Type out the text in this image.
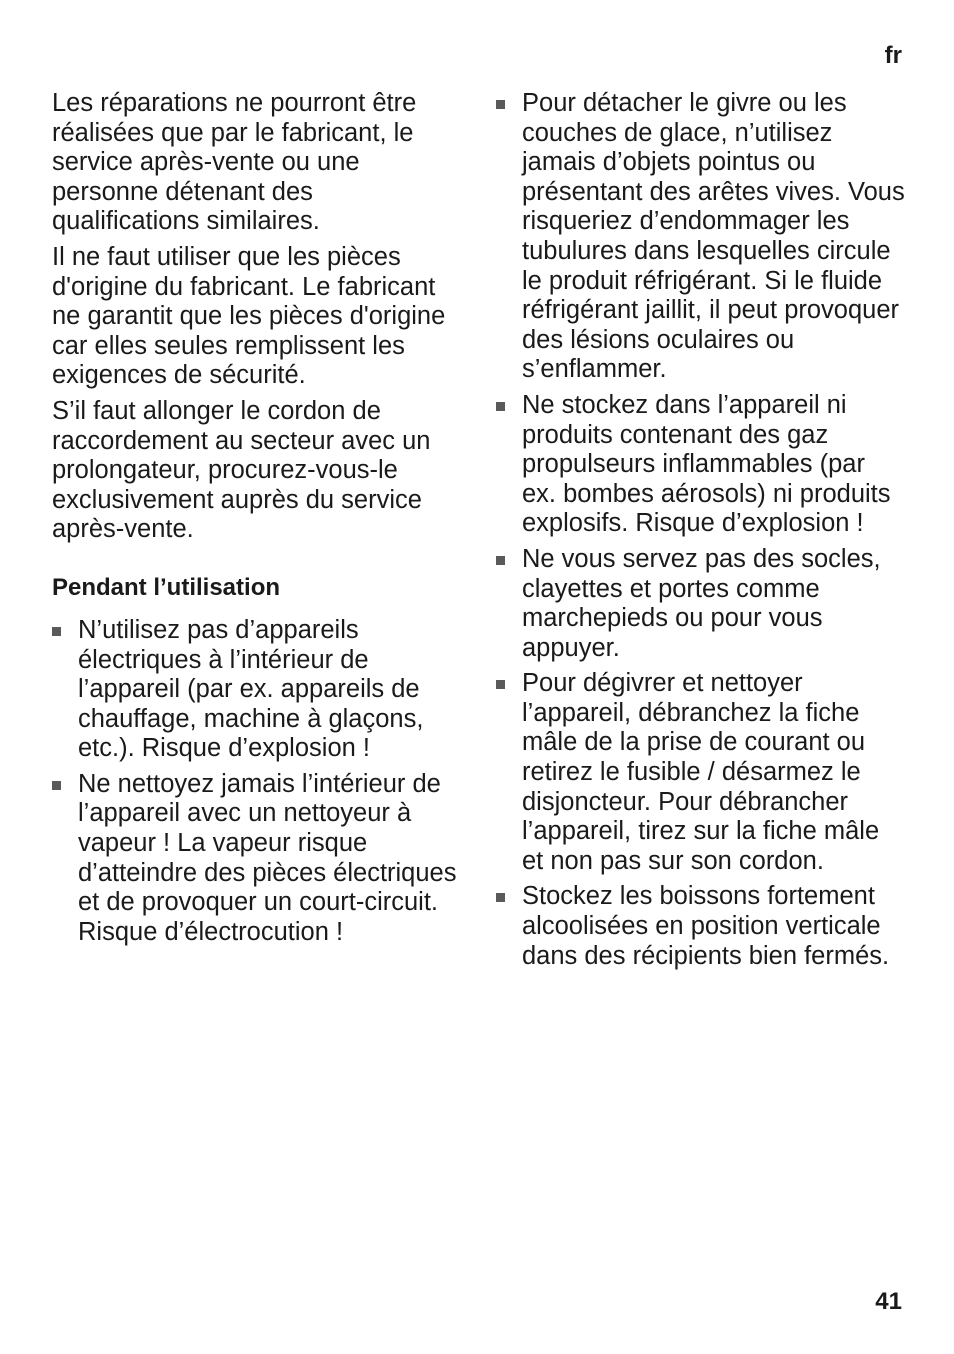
fr

Les réparations ne pourront être réalisées que par le fabricant, le service après-vente ou une personne détenant des qualifications similaires.

Il ne faut utiliser que les pièces d'origine du fabricant. Le fabricant ne garantit que les pièces d'origine car elles seules remplissent les exigences de sécurité.

S’il faut allonger le cordon de raccordement au secteur avec un prolongateur, procurez-vous-le exclusivement auprès du service après-vente.

Pendant l’utilisation
N’utilisez pas d’appareils électriques à l’intérieur de l’appareil (par ex. appareils de chauffage, machine à glaçons, etc.). Risque d’explosion !
Ne nettoyez jamais l’intérieur de l’appareil avec un nettoyeur à vapeur ! La vapeur risque d’atteindre des pièces électriques et de provoquer un court-circuit. Risque d’électrocution !
Pour détacher le givre ou les couches de glace, n’utilisez jamais d’objets pointus ou présentant des arêtes vives. Vous risqueriez d’endommager les tubulures dans lesquelles circule le produit réfrigérant. Si le fluide réfrigérant jaillit, il peut provoquer des lésions oculaires ou s’enflammer.
Ne stockez dans l’appareil ni produits contenant des gaz propulseurs inflammables (par ex. bombes aérosols) ni produits explosifs. Risque d’explosion !
Ne vous servez pas des socles, clayettes et portes comme marchepieds ou pour vous appuyer.
Pour dégivrer et nettoyer l’appareil, débranchez la fiche mâle de la prise de courant ou retirez le fusible / désarmez le disjoncteur. Pour débrancher l’appareil, tirez sur la fiche mâle et non pas sur son cordon.
Stockez les boissons fortement alcoolisées en position verticale dans des récipients bien fermés.
41
